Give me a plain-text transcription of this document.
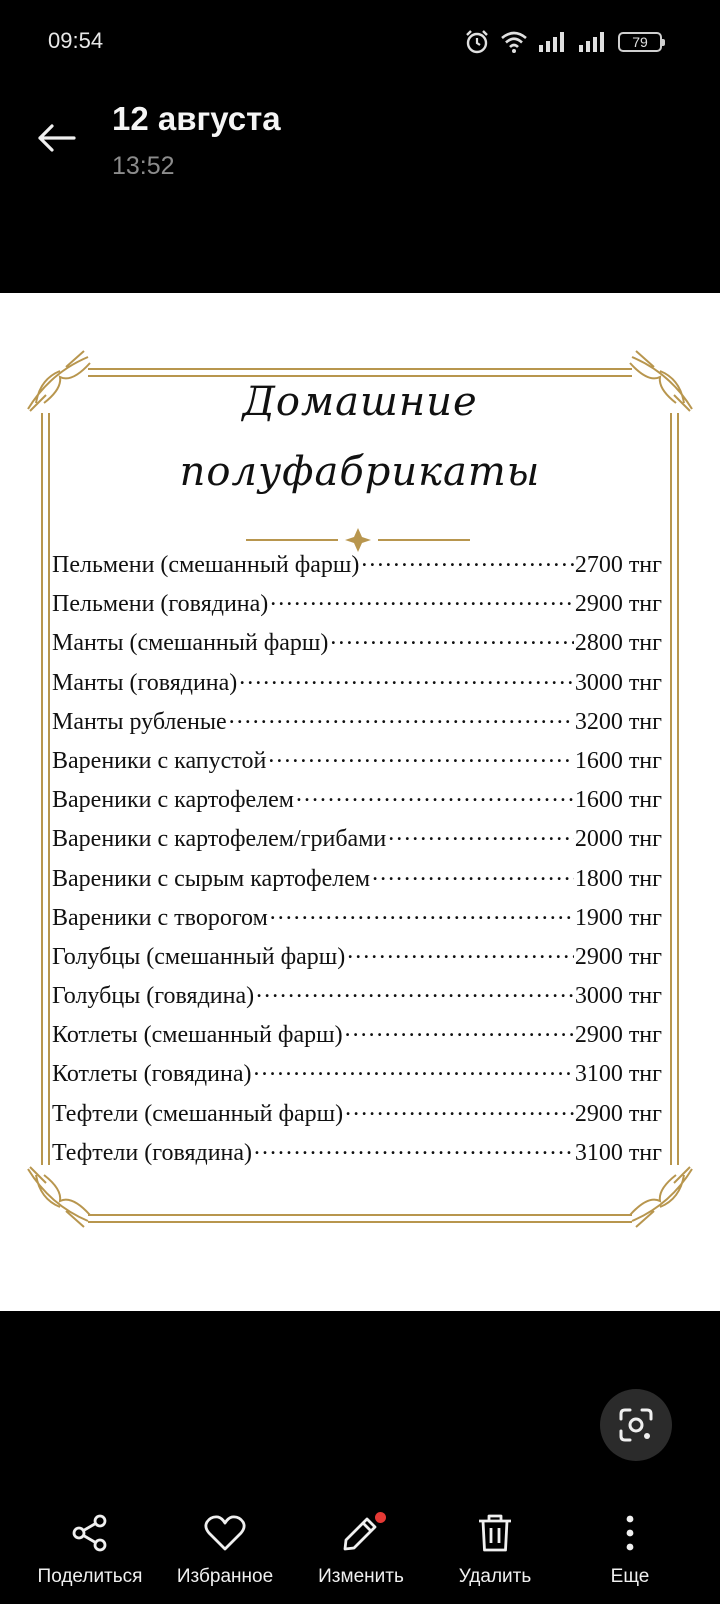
09:54	79
12 августа
13:52
Домашние
полуфабрикаты
Пельмени (смешанный фарш) ……………………………………………………………………………………	2700 тнг
Пельмени (говядина) ……………………………………………………………………………………	2900 тнг
Манты (смешанный фарш) ……………………………………………………………………………………	2800 тнг
Манты (говядина) ……………………………………………………………………………………	3000 тнг
Манты рубленые ……………………………………………………………………………………	3200 тнг
Вареники с капустой ……………………………………………………………………………………	1600 тнг
Вареники с картофелем ……………………………………………………………………………………	1600 тнг
Вареники с картофелем/грибами ……………………………………………………………………………………	2000 тнг
Вареники с сырым картофелем ……………………………………………………………………………………	1800 тнг
Вареники с творогом ……………………………………………………………………………………	1900 тнг
Голубцы (смешанный фарш) ……………………………………………………………………………………	2900 тнг
Голубцы (говядина) ……………………………………………………………………………………	3000 тнг
Котлеты (смешанный фарш) ……………………………………………………………………………………	2900 тнг
Котлеты (говядина) ……………………………………………………………………………………	3100 тнг
Тефтели (смешанный фарш) ……………………………………………………………………………………	2900 тнг
Тефтели (говядина) ……………………………………………………………………………………	3100 тнг
Поделиться	Избранное	Изменить	Удалить	Еще
